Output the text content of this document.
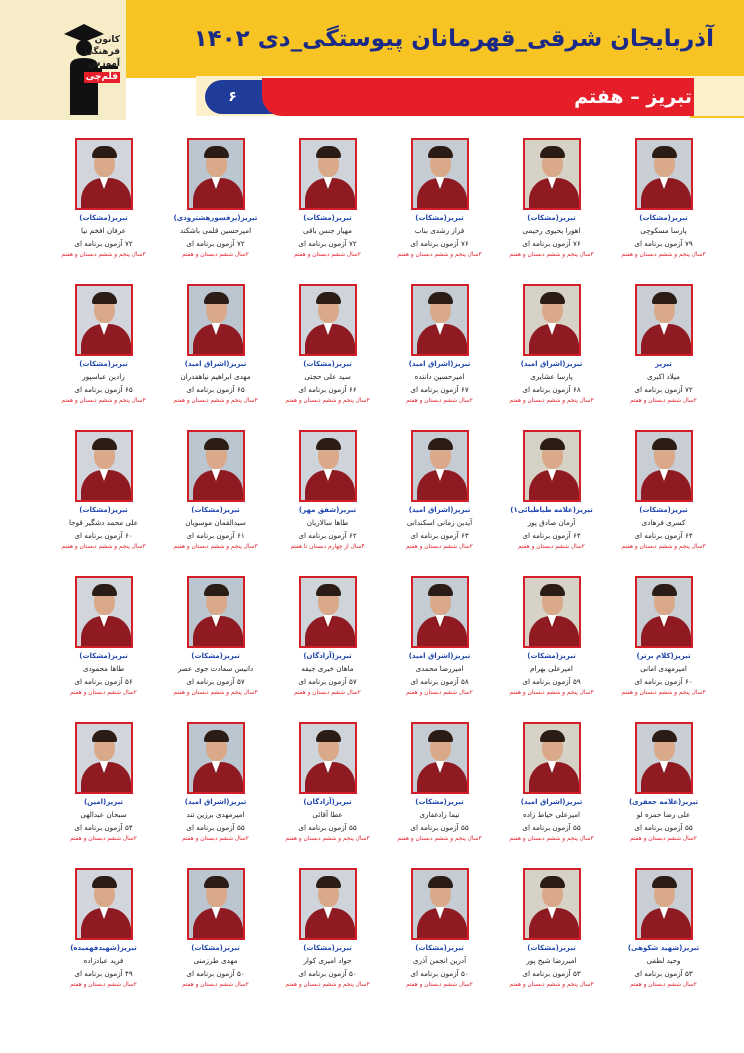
کانون
فرهنگی
آموزش
قلم‌چی
آذربایجان شرقی_قهرمانان پیوستگی_دی ۱۴۰۲
۶	تبریز – هفتم
تبریز(مشکات)
پارسا مسکوچی
۷۹ آزمون برنامه ای
۳سال پنجم و ششم دبستان و هفتم
تبریز(مشکات)
اهورا یحیوی رحیمی
۷۶ آزمون برنامه ای
۳سال پنجم و ششم دبستان و هفتم
تبریز(مشکات)
فراز رشدی بناب
۷۶ آزمون برنامه ای
۳سال پنجم و ششم دبستان و هفتم
تبریز(مشکات)
مهیار جنس باقی
۷۲ آزمون برنامه ای
۲سال ششم دبستان و هفتم
تبریز(پرفسورهشترودی)
امیرحسین قلمی باشکند
۷۲ آزمون برنامه ای
۲سال ششم دبستان و هفتم
تبریز(مشکات)
عرفان افخم نیا
۷۲ آزمون برنامه ای
۳سال پنجم و ششم دبستان و هفتم
تبریز
میلاد اکبری
۷۲ آزمون برنامه ای
۲سال ششم دبستان و هفتم
تبریز(اشراق امید)
پارسا عشایری
۶۸ آزمون برنامه ای
۳سال پنجم و ششم دبستان و هفتم
تبریز(اشراق امید)
امیرحسین داننده
۶۷ آزمون برنامه ای
۲سال ششم دبستان و هفتم
تبریز(مشکات)
سید علی حجتی
۶۶ آزمون برنامه ای
۳سال پنجم و ششم دبستان و هفتم
تبریز(اشراق امید)
مهدی ابراهیم نیاهفدران
۶۵ آزمون برنامه ای
۳سال پنجم و ششم دبستان و هفتم
تبریز(مشکات)
رادین عباسپور
۶۵ آزمون برنامه ای
۳سال پنجم و ششم دبستان و هفتم
تبریز(مشکات)
کسری فرهادی
۶۴ آزمون برنامه ای
۳سال پنجم و ششم دبستان و هفتم
تبریز(علامه طباطبائی۱)
آرمان صادق پور
۶۴ آزمون برنامه ای
۲سال ششم دبستان و هفتم
تبریز(اشراق امید)
آیدین زمانی اسکندانی
۶۳ آزمون برنامه ای
۲سال ششم دبستان و هفتم
تبریز(شفق مهر)
طاها سالاریان
۶۲ آزمون برنامه ای
۴سال از چهارم دبستان تا هفتم
تبریز(مشکات)
سیدالقمان موسویان
۶۱ آزمون برنامه ای
۳سال پنجم و ششم دبستان و هفتم
تبریز(مشکات)
علی محمد دشگیر قوجا
۶۰ آزمون برنامه ای
۳سال پنجم و ششم دبستان و هفتم
تبریز(کلام برتر)
امیرمهدی امانی
۶۰ آزمون برنامه ای
۳سال پنجم و ششم دبستان و هفتم
تبریز(مشکات)
امیرعلی بهرام
۵۹ آزمون برنامه ای
۳سال پنجم و ششم دبستان و هفتم
تبریز(اشراق امید)
امیررضا محمدی
۵۸ آزمون برنامه ای
۲سال ششم دبستان و هفتم
تبریز(آزادگان)
ماهان خیری جیقه
۵۷ آزمون برنامه ای
۲سال ششم دبستان و هفتم
تبریز(مشکات)
دانیس سعادت جوی عصر
۵۷ آزمون برنامه ای
۳سال پنجم و ششم دبستان و هفتم
تبریز(مشکات)
طاها محمودی
۵۶ آزمون برنامه ای
۲سال ششم دبستان و هفتم
تبریز(علامه جعفری)
علی رضا حمزه لو
۵۵ آزمون برنامه ای
۲سال ششم دبستان و هفتم
تبریز(اشراق امید)
امیرعلی خیاط زاده
۵۵ آزمون برنامه ای
۳سال پنجم و ششم دبستان و هفتم
تبریز(مشکات)
نیما زادغفاری
۵۵ آزمون برنامه ای
۳سال پنجم و ششم دبستان و هفتم
تبریز(آزادگان)
عطا آقائی
۵۵ آزمون برنامه ای
۳سال پنجم و ششم دبستان و هفتم
تبریز(اشراق امید)
امیرمهدی برزین تند
۵۵ آزمون برنامه ای
۲سال ششم دبستان و هفتم
تبریز(امین)
سبحان عبدالهی
۵۴ آزمون برنامه ای
۲سال ششم دبستان و هفتم
تبریز(شهید شکوهی)
وحید لطفی
۵۳ آزمون برنامه ای
۲سال ششم دبستان و هفتم
تبریز(مشکات)
امیررضا شیخ پور
۵۳ آزمون برنامه ای
۳سال پنجم و ششم دبستان و هفتم
تبریز(مشکات)
آدرین انجمن آذری
۵۰ آزمون برنامه ای
۲سال ششم دبستان و هفتم
تبریز(مشکات)
جواد امیری کوار
۵۰ آزمون برنامه ای
۳سال پنجم و ششم دبستان و هفتم
تبریز(مشکات)
مهدی طرزمنی
۵۰ آزمون برنامه ای
۲سال ششم دبستان و هفتم
تبریز(شهیدفهمیده)
فرید عبادزاده
۴۹ آزمون برنامه ای
۲سال ششم دبستان و هفتم
